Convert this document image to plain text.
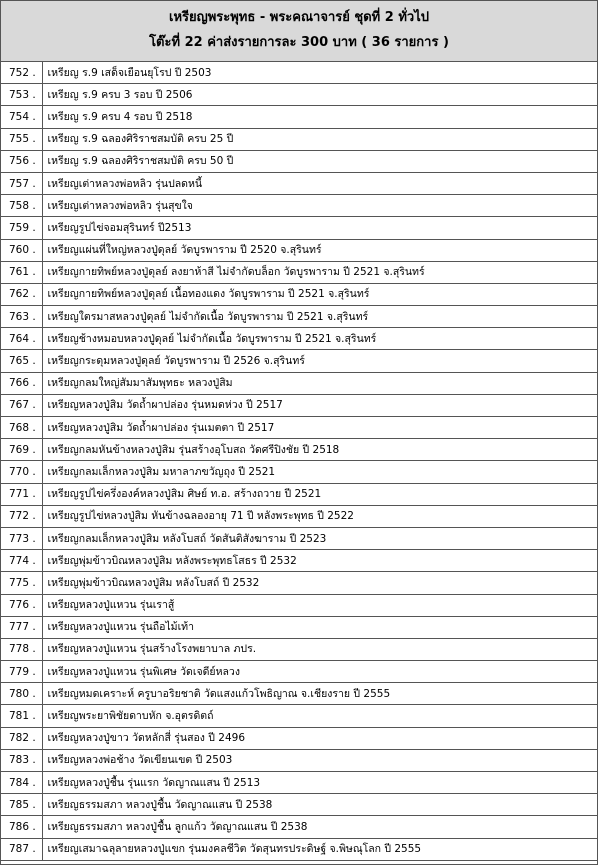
เหรียญพระพุทธ - พระคณาจารย์ ชุดที่ 2 ทั่วไป
โต๊ะที่ 22 ค่าส่งรายการละ 300 บาท ( 36 รายการ )
752 .	เหรียญ ร.9 เสด็จเยือนยุโรป ปี 2503
753 .	เหรียญ ร.9 ครบ 3 รอบ ปี 2506
754 .	เหรียญ ร.9 ครบ 4 รอบ ปี 2518
755 .	เหรียญ ร.9 ฉลองศิริราชสมบัติ ครบ 25 ปี
756 .	เหรียญ ร.9 ฉลองศิริราชสมบัติ ครบ 50 ปี
757 .	เหรียญเต่าหลวงพ่อหลิว รุ่นปลดหนี้
758 .	เหรียญเต่าหลวงพ่อหลิว รุ่นสุขใจ
759 .	เหรียญรูปไข่จอมสุรินทร์ ปี2513
760 .	เหรียญแผ่นที่ใหญ่หลวงปู่ดุลย์ วัดบูรพาราม ปี 2520 จ.สุรินทร์
761 .	เหรียญกายทิพย์หลวงปู่ดุลย์ ลงยาห้าสี ไม่จำกัดบล็อก วัดบูรพาราม ปี 2521 จ.สุรินทร์
762 .	เหรียญกายทิพย์หลวงปู่ดุลย์ เนื้อทองแดง วัดบูรพาราม ปี 2521 จ.สุรินทร์
763 .	เหรียญใตรมาสหลวงปู่ดุลย์ ไม่จำกัดเนื้อ วัดบูรพาราม ปี 2521 จ.สุรินทร์
764 .	เหรียญช้างหมอบหลวงปู่ดุลย์ ไม่จำกัดเนื้อ วัดบูรพาราม ปี 2521 จ.สุรินทร์
765 .	เหรียญกระดุมหลวงปู่ดุลย์ วัดบูรพาราม ปี 2526 จ.สุรินทร์
766 .	เหรียญกลมใหญ่สัมมาสัมพุทธะ หลวงปู่สิม
767 .	เหรียญหลวงปู่สิม วัดถ้ำผาปล่อง รุ่นหมดห่วง ปี 2517
768 .	เหรียญหลวงปู่สิม วัดถ้ำผาปล่อง รุ่นเมตตา ปี 2517
769 .	เหรียญกลมหันข้างหลวงปู่สิม รุ่นสร้างอุโบสถ วัดศรีปิงชัย ปี 2518
770 .	เหรียญกลมเล็กหลวงปู่สิม มหาลาภขวัญถุง ปี 2521
771 .	เหรียญรูปไข่ครึ่งองค์หลวงปู่สิม ศิษย์ ท.อ. สร้างถวาย ปี 2521
772 .	เหรียญรูปไข่หลวงปู่สิม หันข้างฉลองอายุ 71 ปี หลังพระพุทธ ปี 2522
773 .	เหรียญกลมเล็กหลวงปู่สิม หลังโบสถ์ วัดสันติสังฆาราม ปี 2523
774 .	เหรียญพุ่มข้าวบิณหลวงปู่สิม หลังพระพุทธโสธร ปี 2532
775 .	เหรียญพุ่มข้าวบิณหลวงปู่สิม หลังโบสถ์ ปี 2532
776 .	เหรียญหลวงปู่แหวน รุ่นเราสู้
777 .	เหรียญหลวงปู่แหวน รุ่นถือไม้เท้า
778 .	เหรียญหลวงปู่แหวน รุ่นสร้างโรงพยาบาล ภปร.
779 .	เหรียญหลวงปู่แหวน รุ่นพิเศษ วัดเจดีย์หลวง
780 .	เหรียญหมดเคราะห์ ครูบาอริยชาติ วัดแสงแก้วโพธิญาณ จ.เชียงราย ปี 2555
781 .	เหรียญพระยาพิชัยดาบหัก จ.อุตรดิตถ์
782 .	เหรียญหลวงปู่ขาว วัดหลักสี่ รุ่นสอง ปี 2496
783 .	เหรียญหลวงพ่อช้าง วัดเขียนเขต ปี 2503
784 .	เหรียญหลวงปู่ชื้น รุ่นแรก วัดญาณแสน ปี 2513
785 .	เหรียญธรรมสภา หลวงปู่ชื้น วัดญาณแสน ปี 2538
786 .	เหรียญธรรมสภา หลวงปู่ชื้น ลูกแก้ว วัดญาณแสน ปี 2538
787 .	เหรียญเสมาฉลุลายหลวงปู่แขก รุ่นมงคลชีวิต วัดสุนทรประดิษฐ์ จ.พิษณุโลก ปี 2555
